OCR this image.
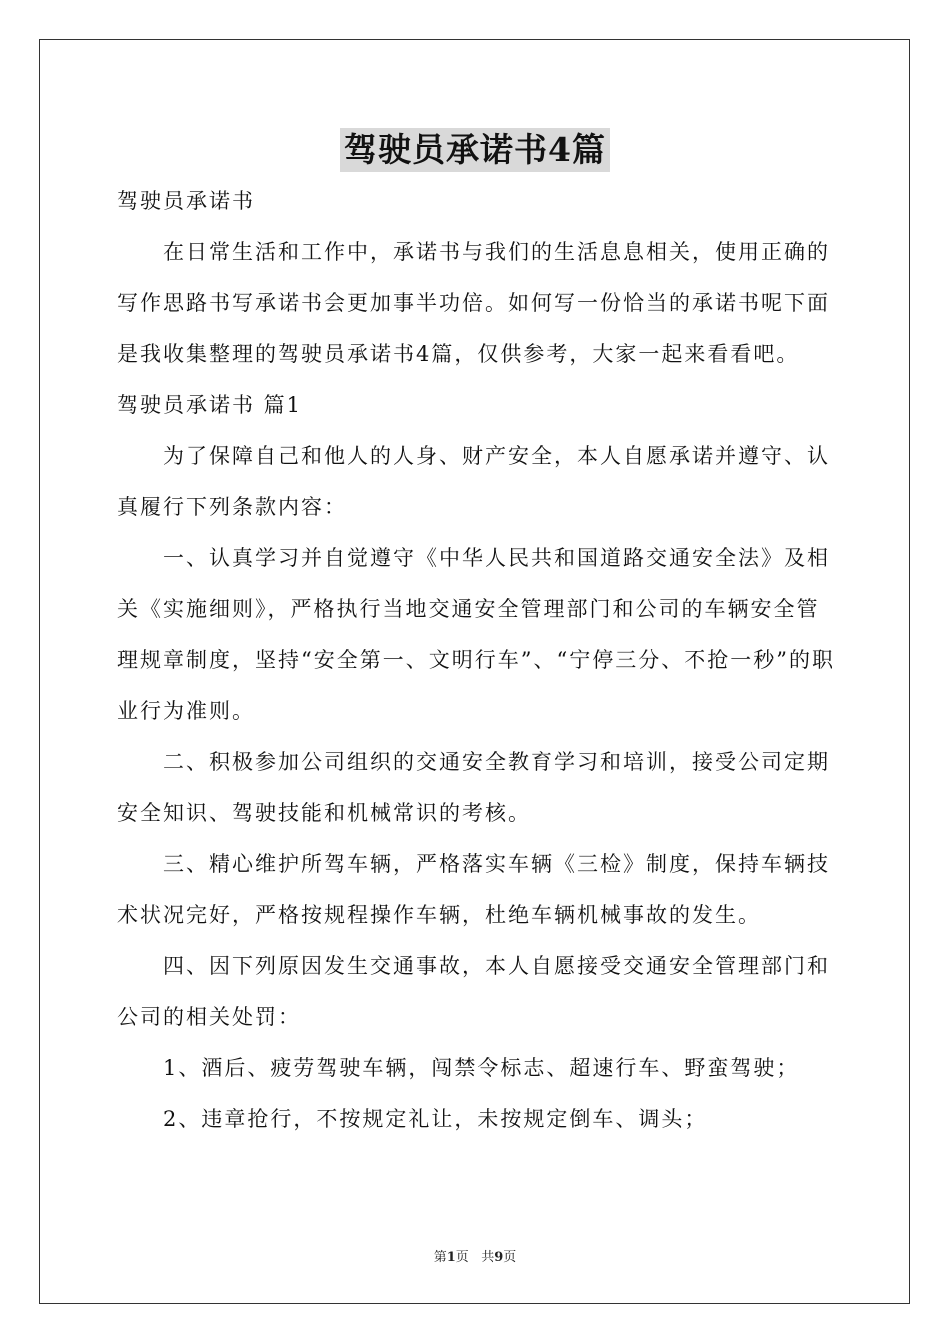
驾驶员承诺书4篇

驾驶员承诺书

在日常生活和工作中，承诺书与我们的生活息息相关，使用正确的写作思路书写承诺书会更加事半功倍。如何写一份恰当的承诺书呢下面是我收集整理的驾驶员承诺书4篇，仅供参考，大家一起来看看吧。

驾驶员承诺书 篇1

为了保障自己和他人的人身、财产安全，本人自愿承诺并遵守、认真履行下列条款内容：

一、认真学习并自觉遵守《中华人民共和国道路交通安全法》及相关《实施细则》，严格执行当地交通安全管理部门和公司的车辆安全管理规章制度，坚持“安全第一、文明行车”、“宁停三分、不抢一秒”的职业行为准则。

二、积极参加公司组织的交通安全教育学习和培训，接受公司定期安全知识、驾驶技能和机械常识的考核。

三、精心维护所驾车辆，严格落实车辆《三检》制度，保持车辆技术状况完好，严格按规程操作车辆，杜绝车辆机械事故的发生。

四、因下列原因发生交通事故，本人自愿接受交通安全管理部门和公司的相关处罚：

1、酒后、疲劳驾驶车辆，闯禁令标志、超速行车、野蛮驾驶；

2、违章抢行，不按规定礼让，未按规定倒车、调头；

第1页 共9页
